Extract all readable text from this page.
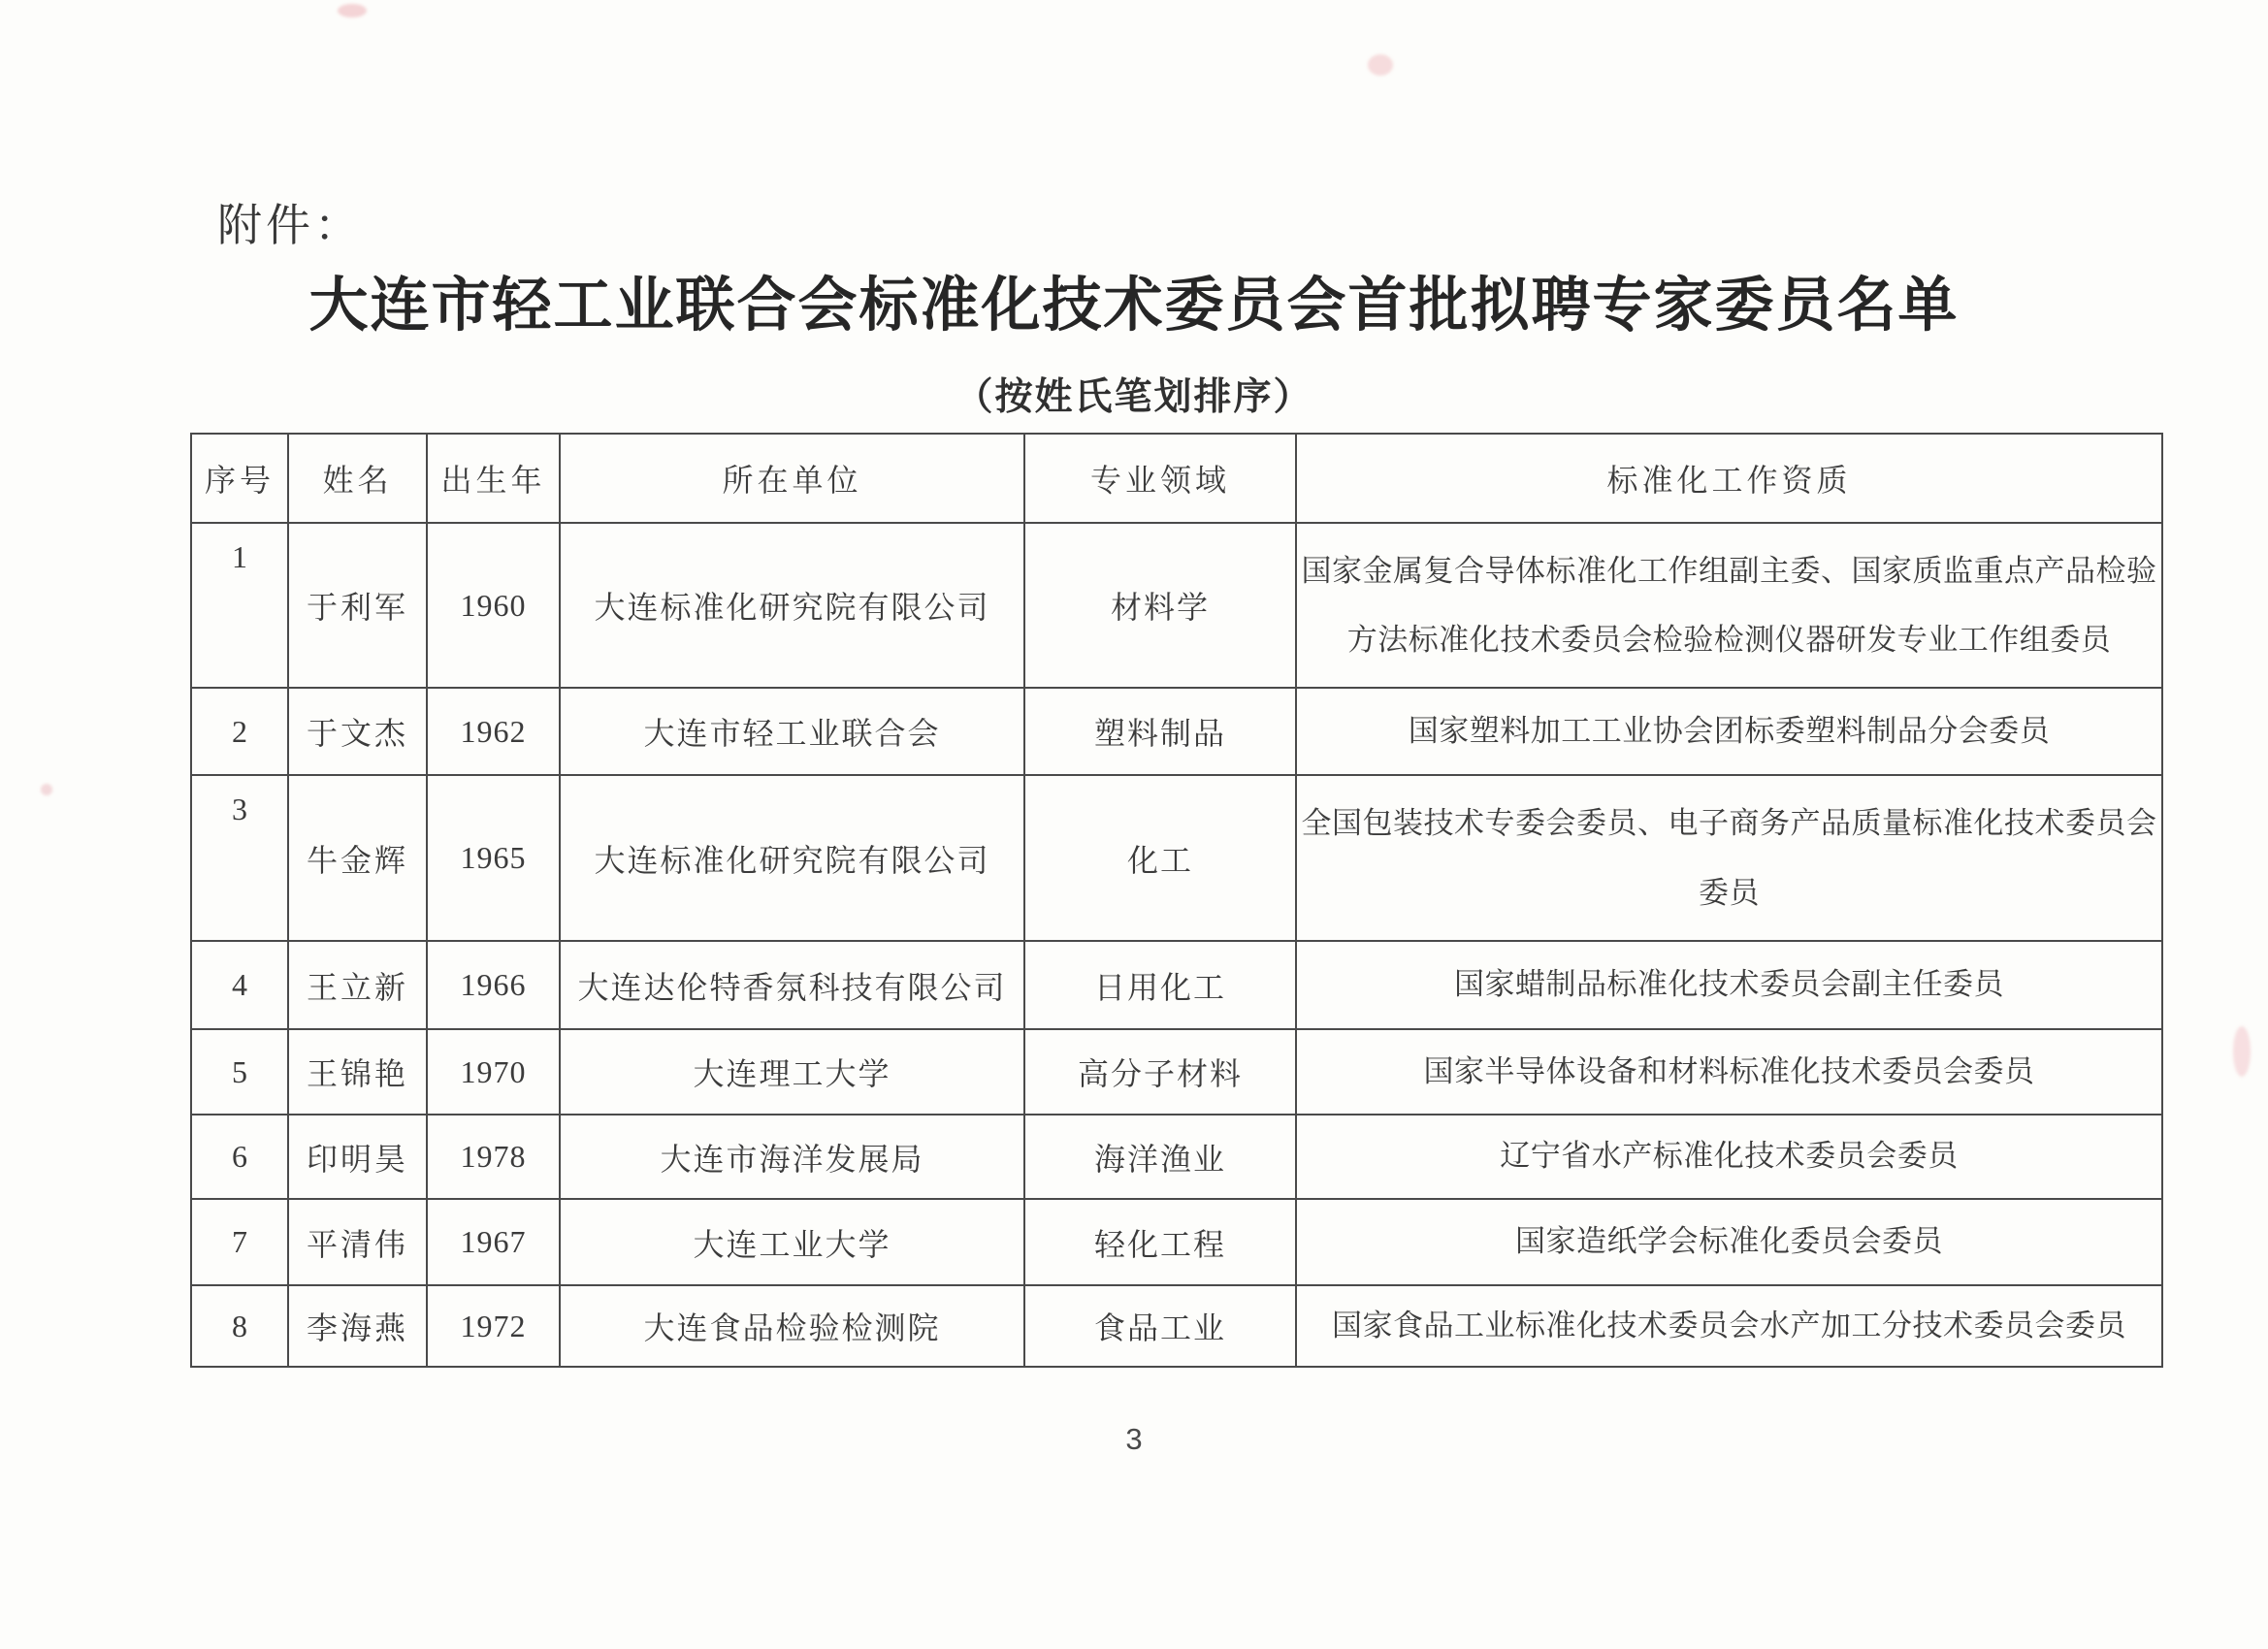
附件：
大连市轻工业联合会标准化技术委员会首批拟聘专家委员名单
（按姓氏笔划排序）
序号	姓名	出生年	所在单位	专业领域	标准化工作资质
1	于利军	1960	大连标准化研究院有限公司	材料学	国家金属复合导体标准化工作组副主委、国家质监重点产品检验方法标准化技术委员会检验检测仪器研发专业工作组委员
2	于文杰	1962	大连市轻工业联合会	塑料制品	国家塑料加工工业协会团标委塑料制品分会委员
3	牛金辉	1965	大连标准化研究院有限公司	化工	全国包装技术专委会委员、电子商务产品质量标准化技术委员会委员
4	王立新	1966	大连达伦特香氛科技有限公司	日用化工	国家蜡制品标准化技术委员会副主任委员
5	王锦艳	1970	大连理工大学	高分子材料	国家半导体设备和材料标准化技术委员会委员
6	印明昊	1978	大连市海洋发展局	海洋渔业	辽宁省水产标准化技术委员会委员
7	平清伟	1967	大连工业大学	轻化工程	国家造纸学会标准化委员会委员
8	李海燕	1972	大连食品检验检测院	食品工业	国家食品工业标准化技术委员会水产加工分技术委员会委员
3
